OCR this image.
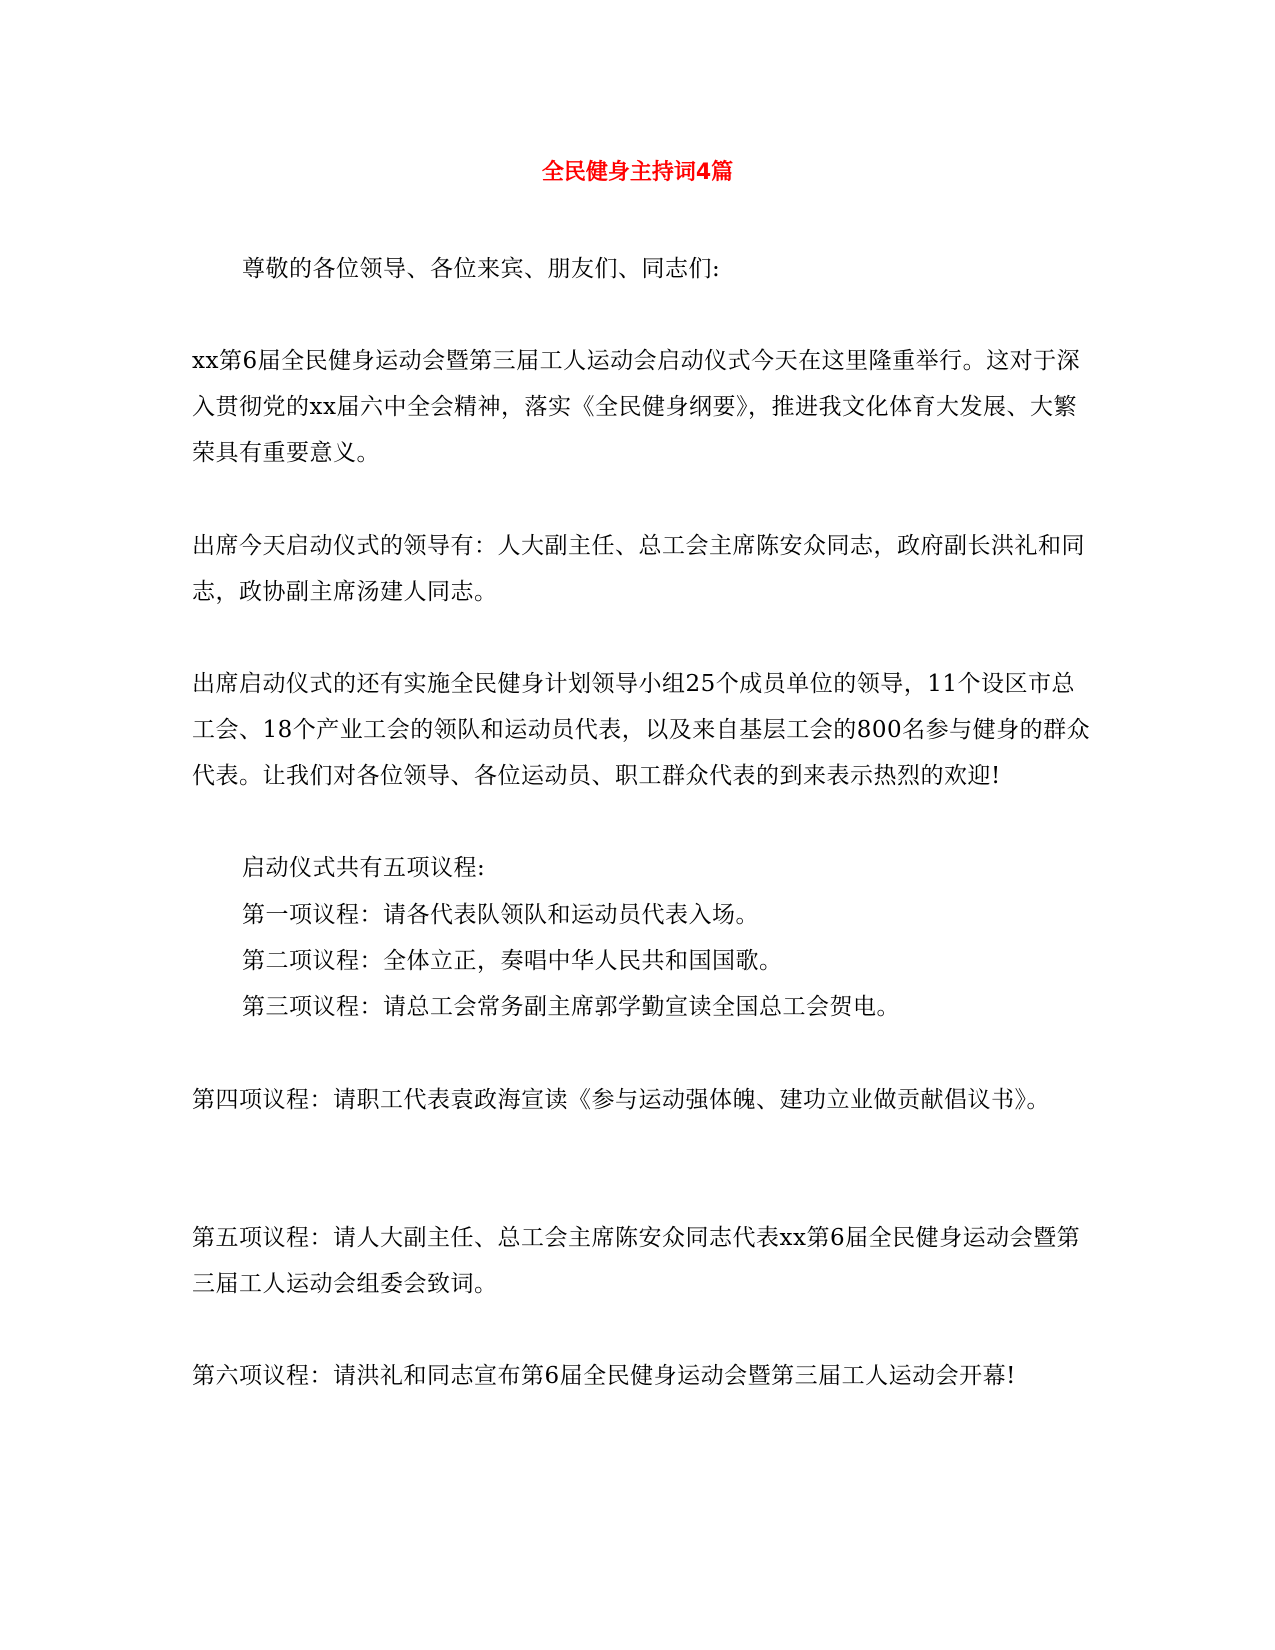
全民健身主持词4篇

尊敬的各位领导、各位来宾、朋友们、同志们:

xx第6届全民健身运动会暨第三届工人运动会启动仪式今天在这里隆重举行。这对于深入贯彻党的xx届六中全会精神，落实《全民健身纲要》，推进我文化体育大发展、大繁荣具有重要意义。

出席今天启动仪式的领导有：人大副主任、总工会主席陈安众同志，政府副长洪礼和同志，政协副主席汤建人同志。

出席启动仪式的还有实施全民健身计划领导小组25个成员单位的领导，11个设区市总工会、18个产业工会的领队和运动员代表，以及来自基层工会的800名参与健身的群众代表。让我们对各位领导、各位运动员、职工群众代表的到来表示热烈的欢迎!

启动仪式共有五项议程:

第一项议程：请各代表队领队和运动员代表入场。

第二项议程：全体立正，奏唱中华人民共和国国歌。

第三项议程：请总工会常务副主席郭学勤宣读全国总工会贺电。

第四项议程：请职工代表袁政海宣读《参与运动强体魄、建功立业做贡献倡议书》。

第五项议程：请人大副主任、总工会主席陈安众同志代表xx第6届全民健身运动会暨第三届工人运动会组委会致词。

第六项议程：请洪礼和同志宣布第6届全民健身运动会暨第三届工人运动会开幕!
